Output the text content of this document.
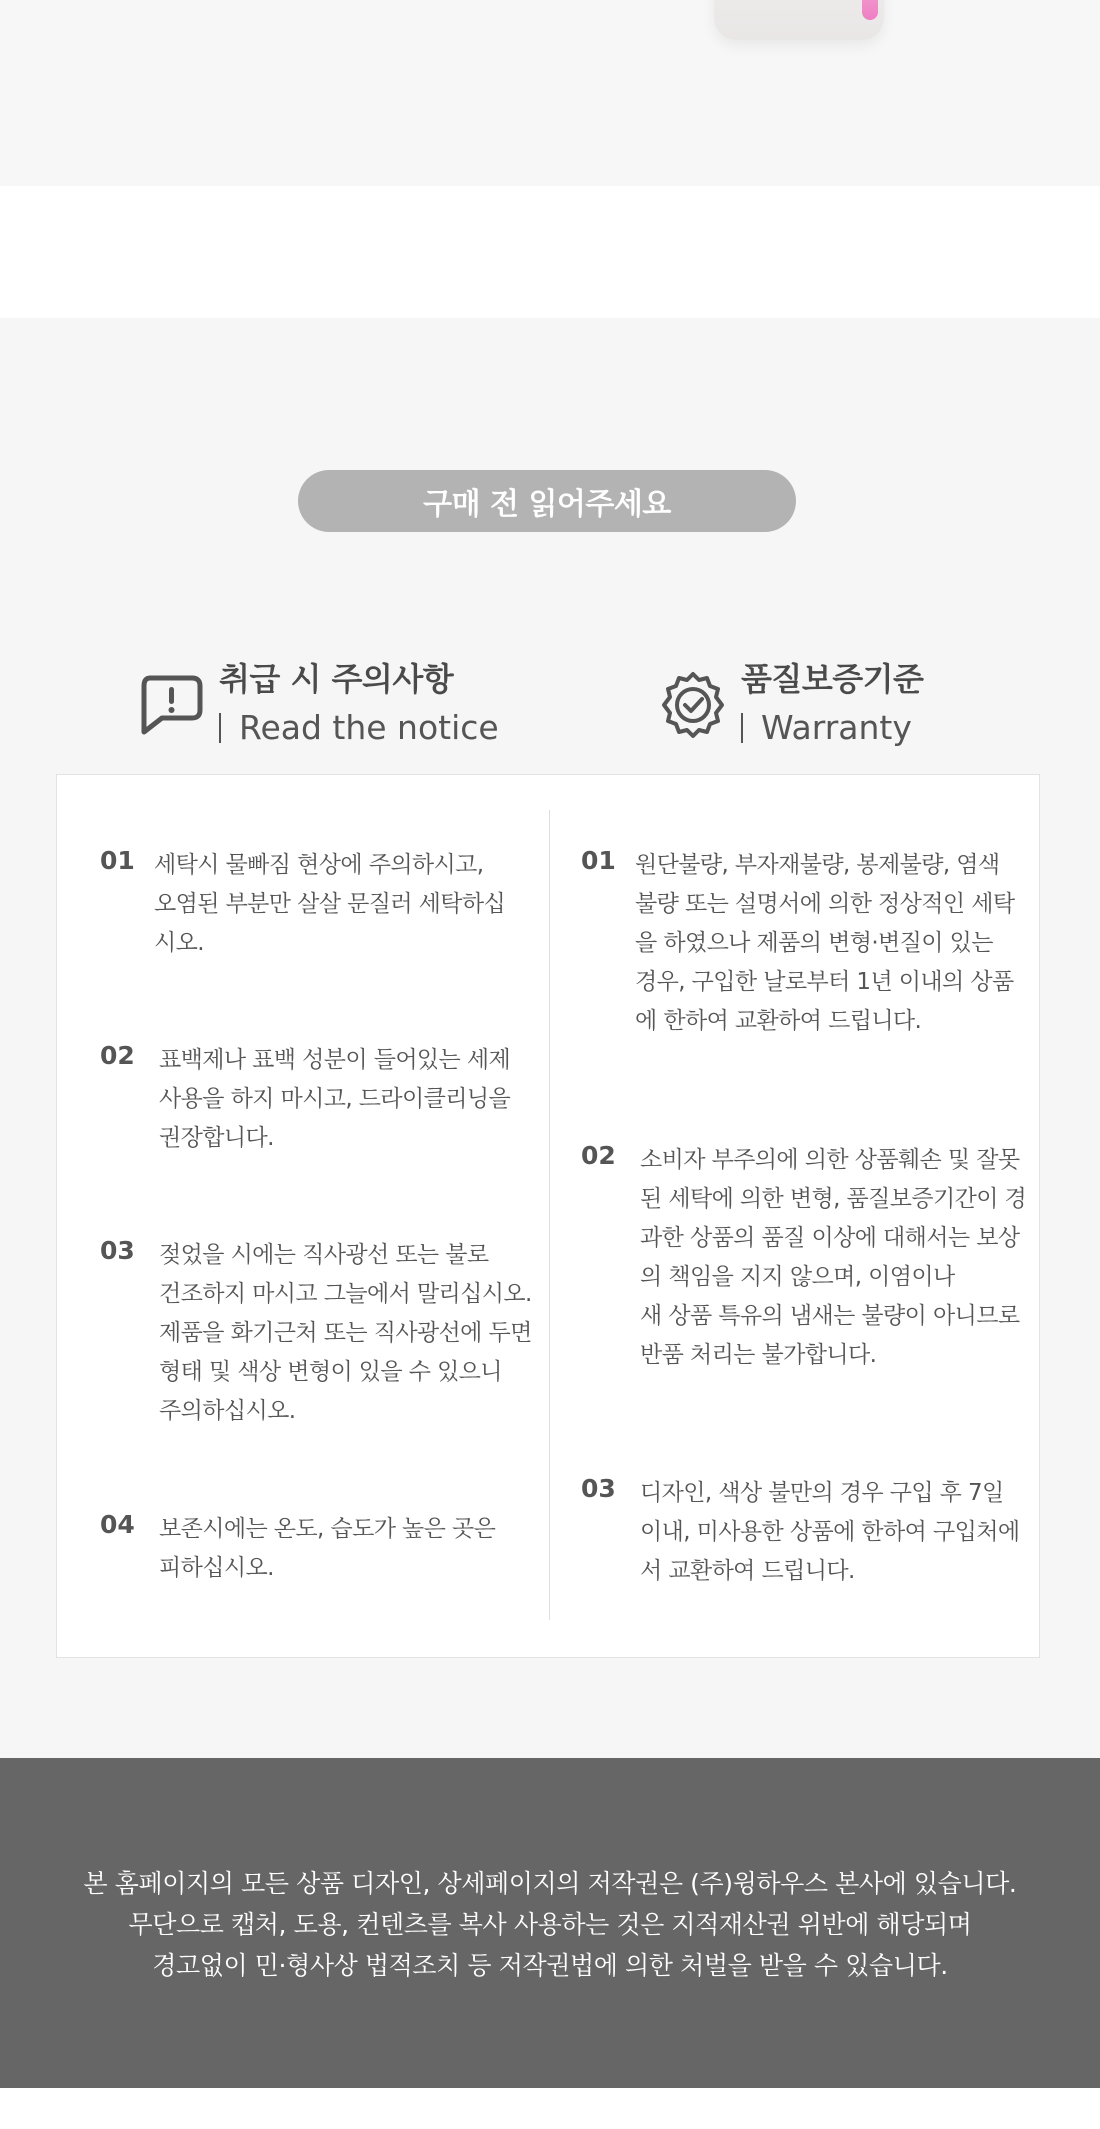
구매 전 읽어주세요
취급 시 주의사항
Read the notice
품질보증기준
Warranty
01 세탁시 물빠짐 현상에 주의하시고,
오염된 부분만 살살 문질러 세탁하십
시오.
02 표백제나 표백 성분이 들어있는 세제
사용을 하지 마시고, 드라이클리닝을
권장합니다.
03 젖었을 시에는 직사광선 또는 불로
건조하지 마시고 그늘에서 말리십시오.
제품을 화기근처 또는 직사광선에 두면
형태 및 색상 변형이 있을 수 있으니
주의하십시오.
04 보존시에는 온도, 습도가 높은 곳은
피하십시오.
01 원단불량, 부자재불량, 봉제불량, 염색
불량 또는 설명서에 의한 정상적인 세탁
을 하였으나 제품의 변형·변질이 있는
경우, 구입한 날로부터 1년 이내의 상품
에 한하여 교환하여 드립니다.
02 소비자 부주의에 의한 상품훼손 및 잘못
된 세탁에 의한 변형, 품질보증기간이 경
과한 상품의 품질 이상에 대해서는 보상
의 책임을 지지 않으며, 이염이나
새 상품 특유의 냄새는 불량이 아니므로
반품 처리는 불가합니다.
03 디자인, 색상 불만의 경우 구입 후 7일
이내, 미사용한 상품에 한하여 구입처에
서 교환하여 드립니다.
본 홈페이지의 모든 상품 디자인, 상세페이지의 저작권은 (주)윙하우스 본사에 있습니다.
무단으로 캡처, 도용, 컨텐츠를 복사 사용하는 것은 지적재산권 위반에 해당되며
경고없이 민·형사상 법적조치 등 저작권법에 의한 처벌을 받을 수 있습니다.
